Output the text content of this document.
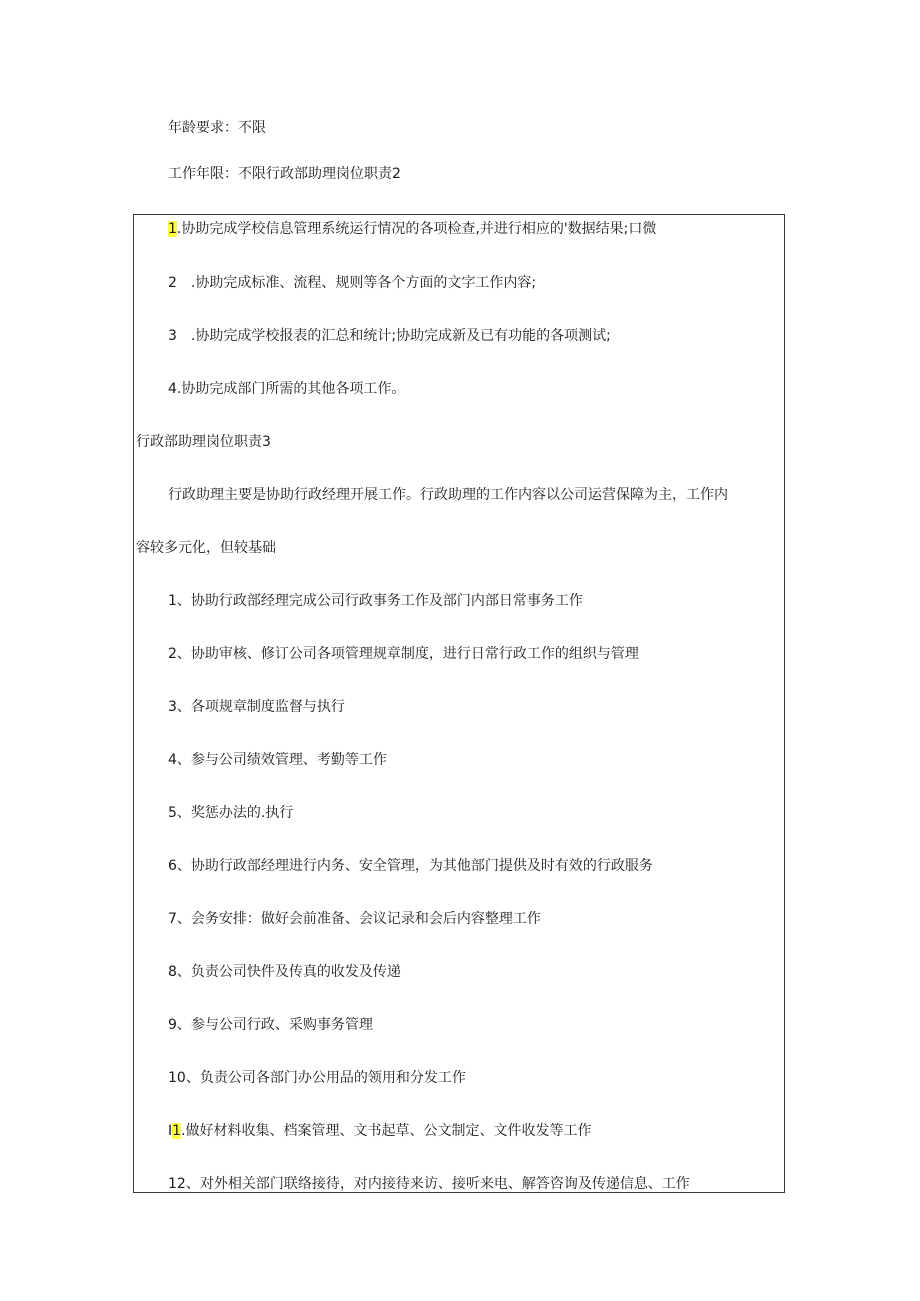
年龄要求：不限
工作年限：不限行政部助理岗位职责2
1.协助完成学校信息管理系统运行情况的各项检查,并进行相应的'数据结果;口微
2 .协助完成标准、流程、规则等各个方面的文字工作内容;
3 .协助完成学校报表的汇总和统计;协助完成新及已有功能的各项测试;
4.协助完成部门所需的其他各项工作。
行政部助理岗位职责3
行政助理主要是协助行政经理开展工作。行政助理的工作内容以公司运营保障为主，工作内
容较多元化，但较基础
1、协助行政部经理完成公司行政事务工作及部门内部日常事务工作
2、协助审核、修订公司各项管理规章制度，进行日常行政工作的组织与管理
3、各项规章制度监督与执行
4、参与公司绩效管理、考勤等工作
5、奖惩办法的.执行
6、协助行政部经理进行内务、安全管理，为其他部门提供及时有效的行政服务
7、会务安排：做好会前准备、会议记录和会后内容整理工作
8、负责公司快件及传真的收发及传递
9、参与公司行政、采购事务管理
10、负责公司各部门办公用品的领用和分发工作
I1.做好材料收集、档案管理、文书起草、公文制定、文件收发等工作
12、对外相关部门联络接待，对内接待来访、接听来电、解答咨询及传递信息、工作
